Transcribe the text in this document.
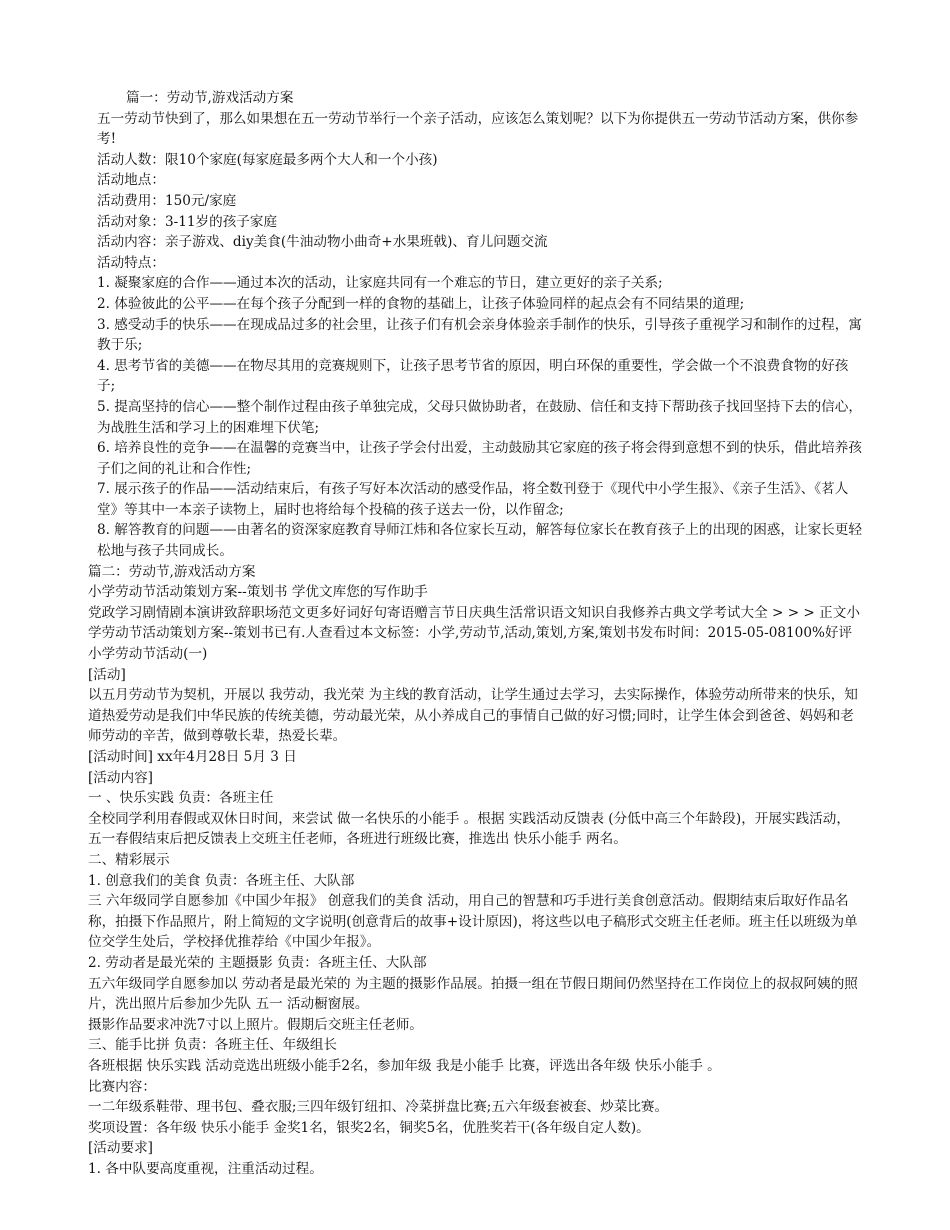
篇一：劳动节,游戏活动方案

五一劳动节快到了，那么如果想在五一劳动节举行一个亲子活动，应该怎么策划呢？以下为你提供五一劳动节活动方案，供你参考!

活动人数：限10个家庭(每家庭最多两个大人和一个小孩)

活动地点：

活动费用：150元/家庭

活动对象：3-11岁的孩子家庭

活动内容：亲子游戏、diy美食(牛油动物小曲奇+水果班戟)、育儿问题交流

活动特点：

1. 凝聚家庭的合作——通过本次的活动，让家庭共同有一个难忘的节日，建立更好的亲子关系;

2. 体验彼此的公平——在每个孩子分配到一样的食物的基础上，让孩子体验同样的起点会有不同结果的道理;

3. 感受动手的快乐——在现成品过多的社会里，让孩子们有机会亲身体验亲手制作的快乐，引导孩子重视学习和制作的过程，寓教于乐;

4. 思考节省的美德——在物尽其用的竞赛规则下，让孩子思考节省的原因，明白环保的重要性，学会做一个不浪费食物的好孩子;

5. 提高坚持的信心——整个制作过程由孩子单独完成，父母只做协助者，在鼓励、信任和支持下帮助孩子找回坚持下去的信心，为战胜生活和学习上的困难埋下伏笔;

6. 培养良性的竞争——在温馨的竞赛当中，让孩子学会付出爱，主动鼓励其它家庭的孩子将会得到意想不到的快乐，借此培养孩子们之间的礼让和合作性;

7. 展示孩子的作品——活动结束后，有孩子写好本次活动的感受作品，将全数刊登于《现代中小学生报》、《亲子生活》、《茗人堂》等其中一本亲子读物上，届时也将给每个投稿的孩子送去一份，以作留念;

8. 解答教育的问题——由著名的资深家庭教育导师江炜和各位家长互动，解答每位家长在教育孩子上的出现的困惑，让家长更轻松地与孩子共同成长。

篇二：劳动节,游戏活动方案

小学劳动节活动策划方案--策划书 学优文库您的写作助手

党政学习剧情剧本演讲致辞职场范文更多好词好句寄语赠言节日庆典生活常识语文知识自我修养古典文学考试大全 > > > 正文小学劳动节活动策划方案--策划书已有.人查看过本文标签：小学,劳动节,活动,策划,方案,策划书发布时间：2015-05-08100%好评小学劳动节活动(一)

[活动]

以五月劳动节为契机，开展以 我劳动，我光荣 为主线的教育活动，让学生通过去学习，去实际操作，体验劳动所带来的快乐，知道热爱劳动是我们中华民族的传统美德，劳动最光荣，从小养成自己的事情自己做的好习惯;同时，让学生体会到爸爸、妈妈和老师劳动的辛苦，做到尊敬长辈，热爱长辈。

[活动时间] xx年4月28日 5月 3 日

[活动内容]

一 、快乐实践 负责：各班主任

全校同学利用春假或双休日时间，来尝试 做一名快乐的小能手 。根据 实践活动反馈表 (分低中高三个年龄段)，开展实践活动，五一春假结束后把反馈表上交班主任老师，各班进行班级比赛，推选出 快乐小能手 两名。

二、精彩展示

1. 创意我们的美食 负责：各班主任、大队部

三 六年级同学自愿参加《中国少年报》 创意我们的美食 活动，用自己的智慧和巧手进行美食创意活动。假期结束后取好作品名称，拍摄下作品照片，附上简短的文字说明(创意背后的故事+设计原因)，将这些以电子稿形式交班主任老师。班主任以班级为单位交学生处后，学校择优推荐给《中国少年报》。

2. 劳动者是最光荣的 主题摄影 负责：各班主任、大队部

五六年级同学自愿参加以 劳动者是最光荣的 为主题的摄影作品展。拍摄一组在节假日期间仍然坚持在工作岗位上的叔叔阿姨的照片，洗出照片后参加少先队 五一 活动橱窗展。

摄影作品要求冲洗7寸以上照片。假期后交班主任老师。

三、能手比拼 负责：各班主任、年级组长

各班根据 快乐实践 活动竞选出班级小能手2名，参加年级 我是小能手 比赛，评选出各年级 快乐小能手 。

比赛内容：

一二年级系鞋带、理书包、叠衣服;三四年级钉纽扣、冷菜拼盘比赛;五六年级套被套、炒菜比赛。

奖项设置：各年级 快乐小能手 金奖1名，银奖2名，铜奖5名，优胜奖若干(各年级自定人数)。

[活动要求]

1. 各中队要高度重视，注重活动过程。
